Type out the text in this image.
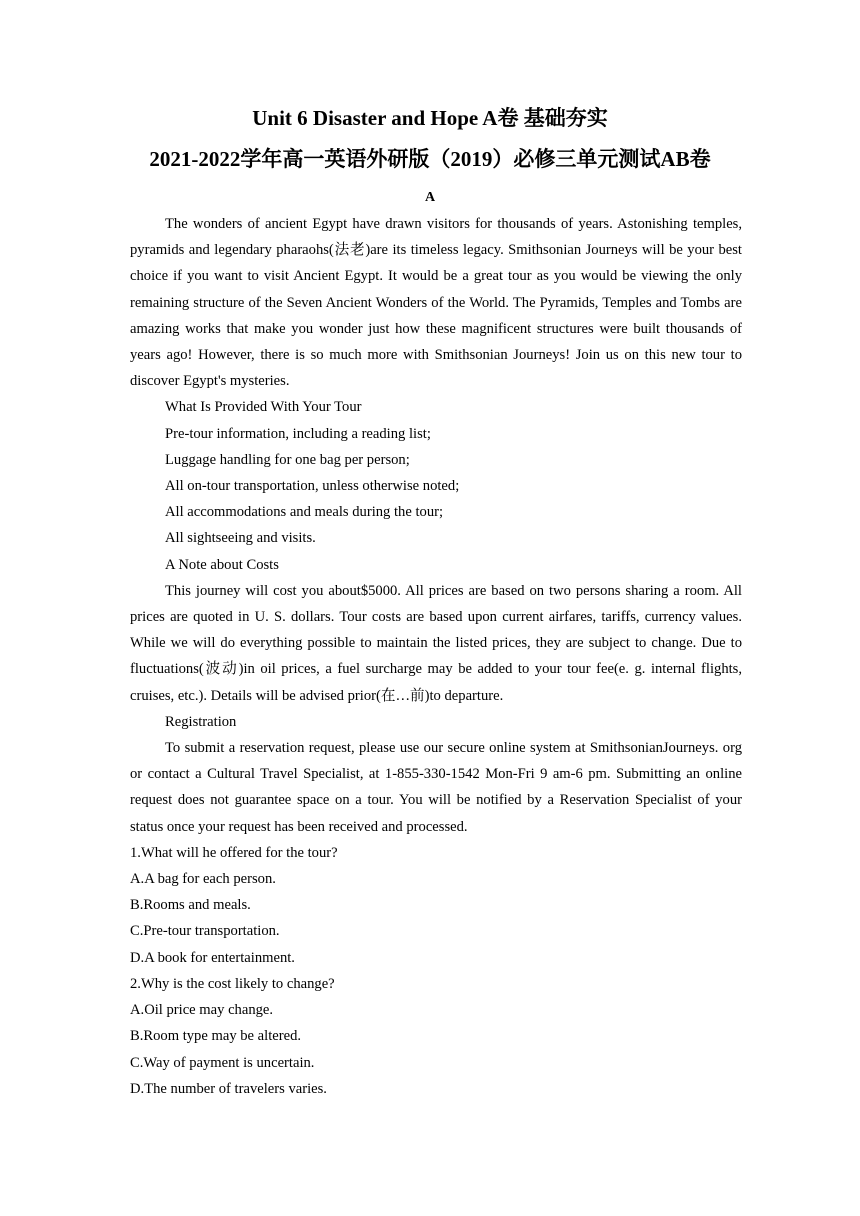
Unit 6 Disaster and Hope A卷 基础夯实
2021-2022学年高一英语外研版（2019）必修三单元测试AB卷
A

The wonders of ancient Egypt have drawn visitors for thousands of years. Astonishing temples, pyramids and legendary pharaohs(法老)are its timeless legacy. Smithsonian Journeys will be your best choice if you want to visit Ancient Egypt. It would be a great tour as you would be viewing the only remaining structure of the Seven Ancient Wonders of the World. The Pyramids, Temples and Tombs are amazing works that make you wonder just how these magnificent structures were built thousands of years ago! However, there is so much more with Smithsonian Journeys! Join us on this new tour to discover Egypt's mysteries.

What Is Provided With Your Tour

Pre-tour information, including a reading list;

Luggage handling for one bag per person;

All on-tour transportation, unless otherwise noted;

All accommodations and meals during the tour;

All sightseeing and visits.

A Note about Costs

This journey will cost you about$5000. All prices are based on two persons sharing a room. All prices are quoted in U. S. dollars. Tour costs are based upon current airfares, tariffs, currency values. While we will do everything possible to maintain the listed prices, they are subject to change. Due to fluctuations(波动)in oil prices, a fuel surcharge may be added to your tour fee(e. g. internal flights, cruises, etc.). Details will be advised prior(在…前)to departure.

Registration

To submit a reservation request, please use our secure online system at SmithsonianJourneys. org or contact a Cultural Travel Specialist, at 1-855-330-1542 Mon-Fri 9 am-6 pm. Submitting an online request does not guarantee space on a tour. You will be notified by a Reservation Specialist of your status once your request has been received and processed.

1.What will he offered for the tour?

A.A bag for each person.

B.Rooms and meals.

C.Pre-tour transportation.

D.A book for entertainment.

2.Why is the cost likely to change?

A.Oil price may change.

B.Room type may be altered.

C.Way of payment is uncertain.

D.The number of travelers varies.
